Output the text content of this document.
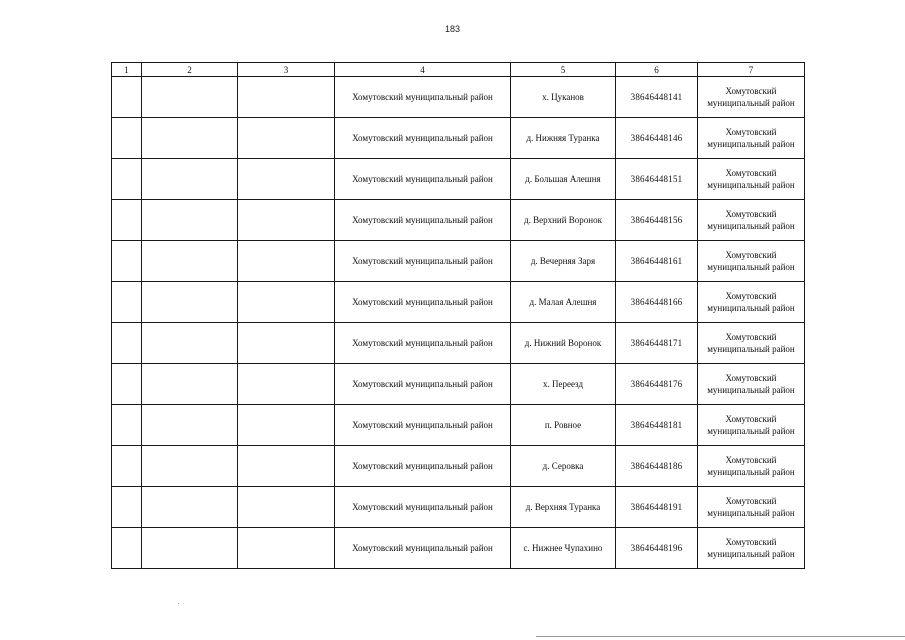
183
1	2	3	4	5	6	7
			Хомутовский муниципальный район	х. Цуканов	38646448141	Хомутовский
муниципальный район

			Хомутовский муниципальный район	д. Нижняя Туранка	38646448146	Хомутовский
муниципальный район

			Хомутовский муниципальный район	д. Большая Алешня	38646448151	Хомутовский
муниципальный район

			Хомутовский муниципальный район	д. Верхний Воронок	38646448156	Хомутовский
муниципальный район

			Хомутовский муниципальный район	д. Вечерняя Заря	38646448161	Хомутовский
муниципальный район

			Хомутовский муниципальный район	д. Малая Алешня	38646448166	Хомутовский
муниципальный район

			Хомутовский муниципальный район	д. Нижний Воронок	38646448171	Хомутовский
муниципальный район

			Хомутовский муниципальный район	х. Переезд	38646448176	Хомутовский
муниципальный район

			Хомутовский муниципальный район	п. Ровное	38646448181	Хомутовский
муниципальный район

			Хомутовский муниципальный район	д. Серовка	38646448186	Хомутовский
муниципальный район

			Хомутовский муниципальный район	д. Верхняя Туранка	38646448191	Хомутовский
муниципальный район

			Хомутовский муниципальный район	с. Нижнее Чупахино	38646448196	Хомутовский
муниципальный район
